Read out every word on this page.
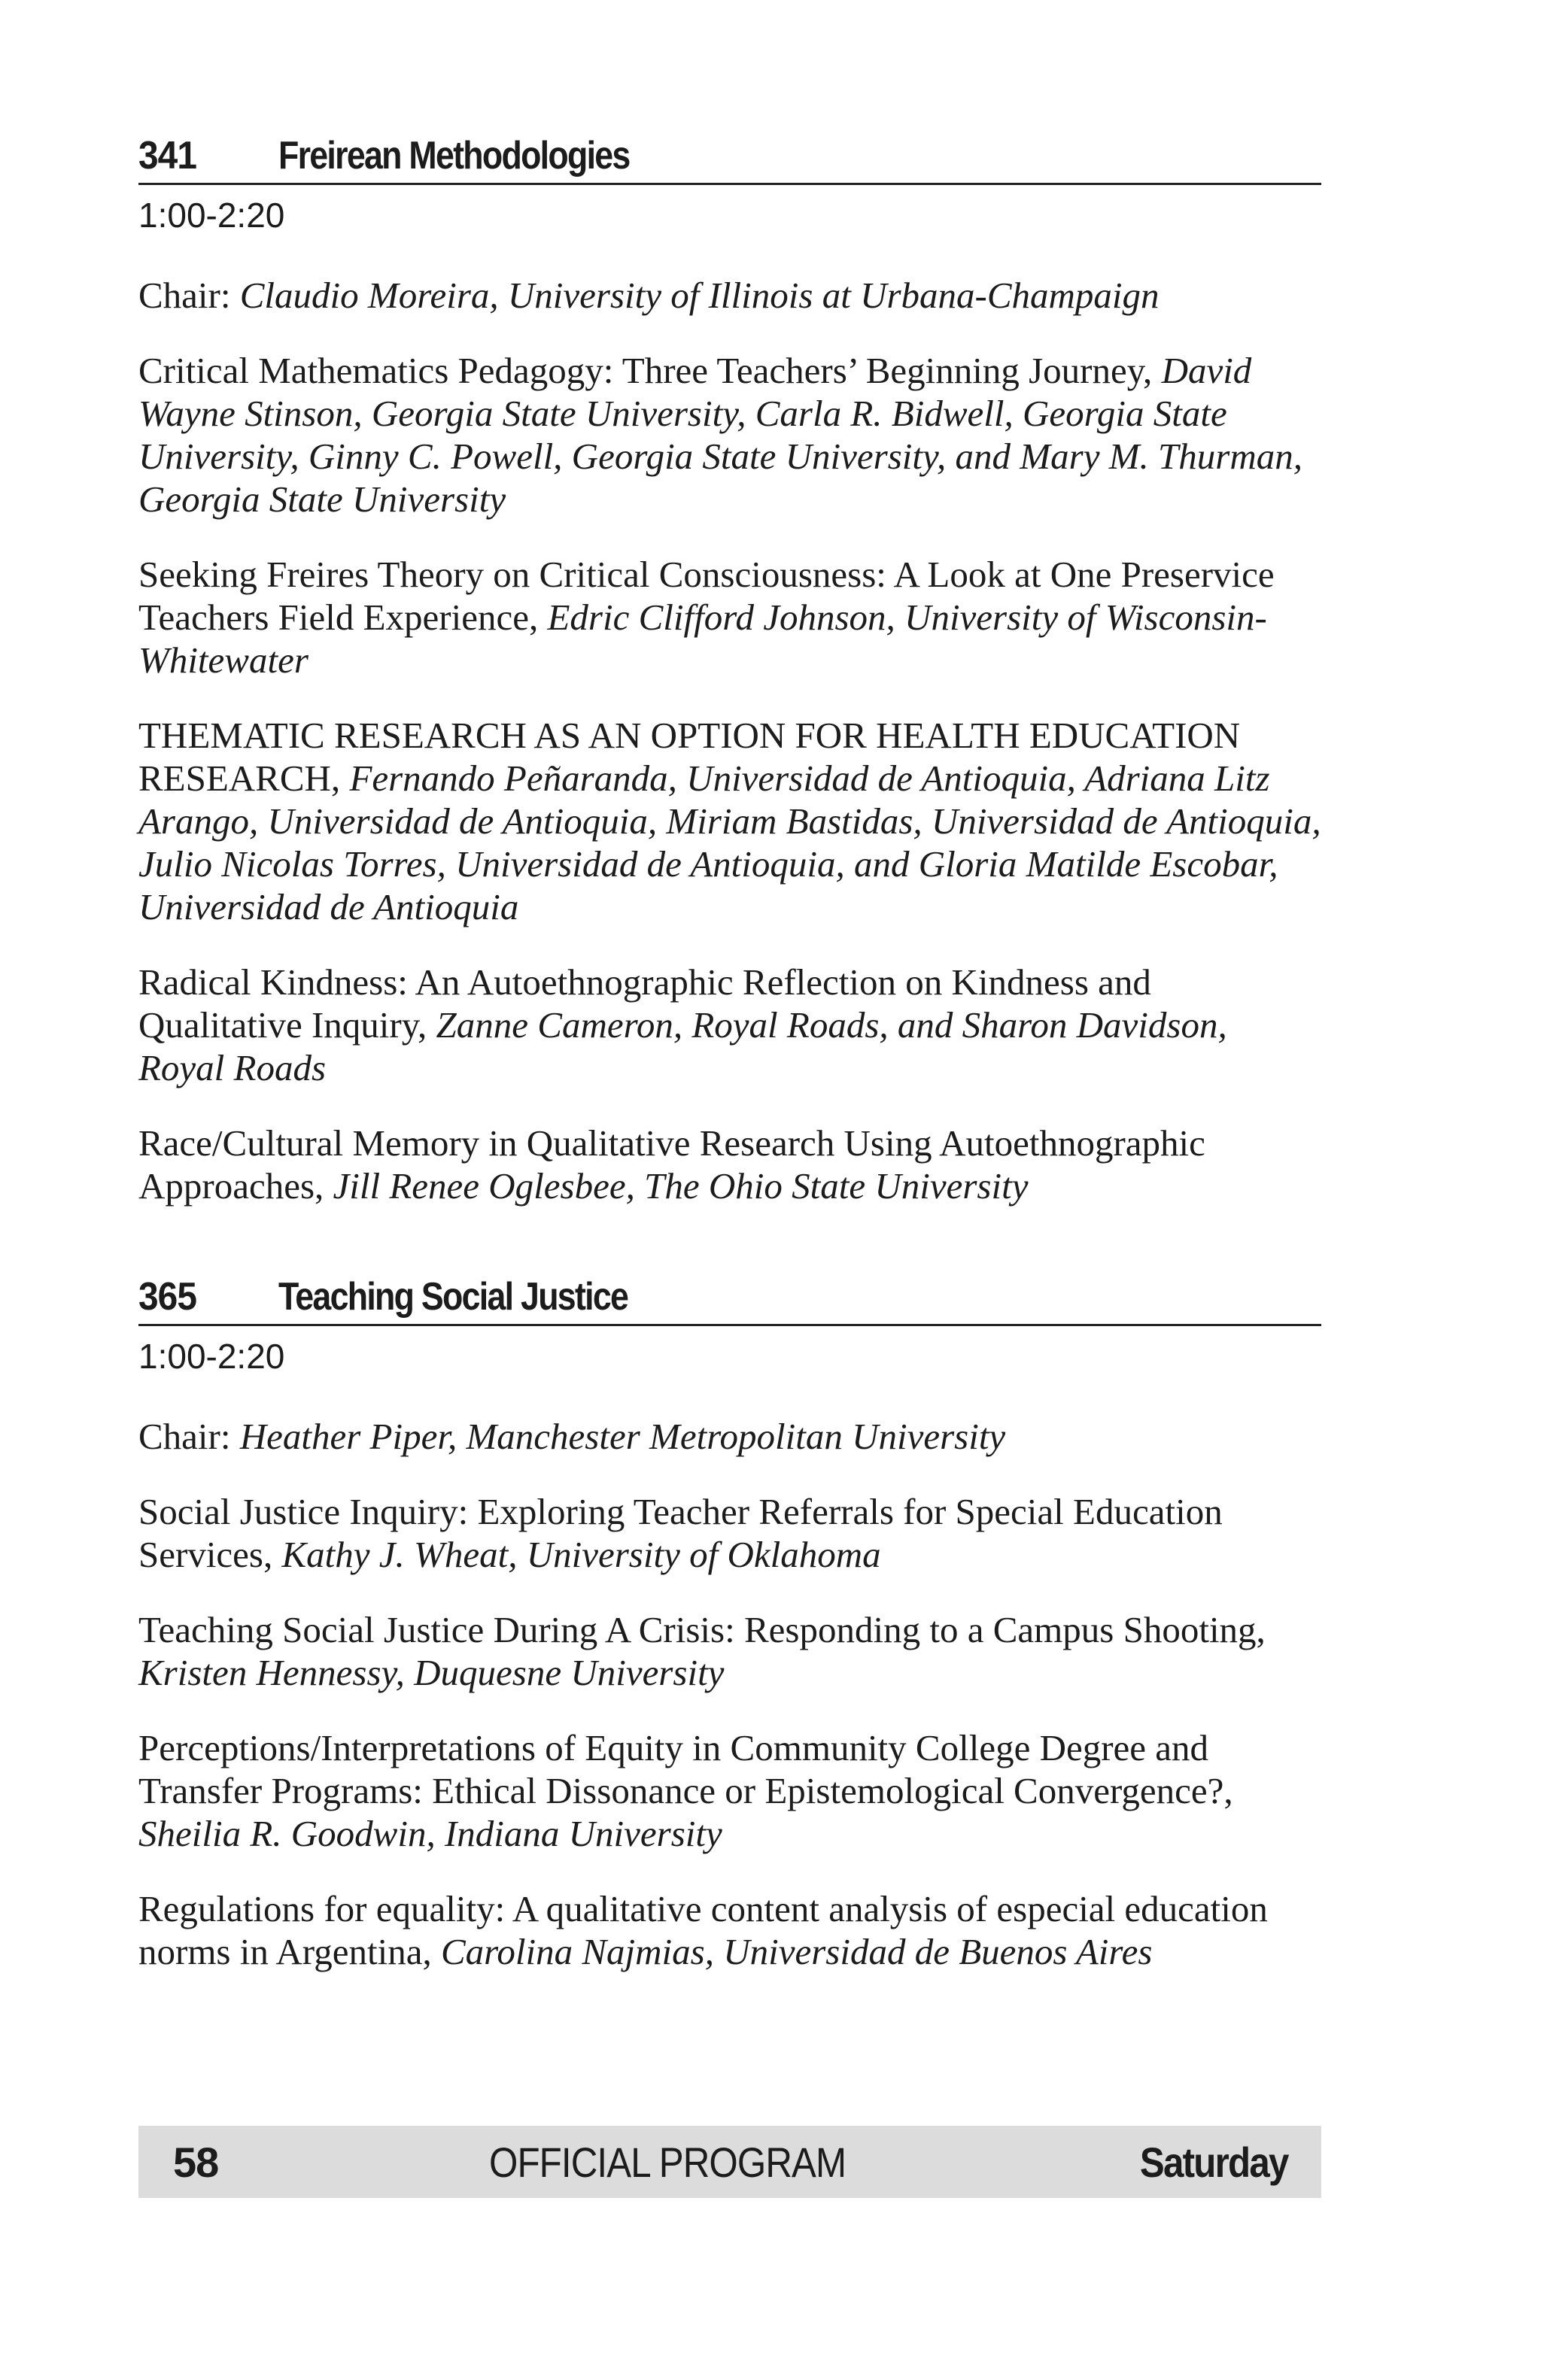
341	Freirean Methodologies
1:00-2:20
Chair: Claudio Moreira, University of Illinois at Urbana-Champaign
Critical Mathematics Pedagogy: Three Teachers’ Beginning Journey, David Wayne Stinson, Georgia State University, Carla R. Bidwell, Georgia State University, Ginny C. Powell, Georgia State University, and Mary M. Thurman, Georgia State University
Seeking Freires Theory on Critical Consciousness: A Look at One Preservice Teachers Field Experience, Edric Clifford Johnson, University of Wisconsin-Whitewater
THEMATIC RESEARCH AS AN OPTION FOR HEALTH EDUCATION RESEARCH, Fernando Peñaranda, Universidad de Antioquia, Adriana Litz Arango, Universidad de Antioquia, Miriam Bastidas, Universidad de Antioquia, Julio Nicolas Torres, Universidad de Antioquia, and Gloria Matilde Escobar, Universidad de Antioquia
Radical Kindness: An Autoethnographic Reflection on Kindness and Qualitative Inquiry, Zanne Cameron, Royal Roads, and Sharon Davidson, Royal Roads
Race/Cultural Memory in Qualitative Research Using Autoethnographic Approaches, Jill Renee Oglesbee, The Ohio State University
365	Teaching Social Justice
1:00-2:20
Chair: Heather Piper, Manchester Metropolitan University
Social Justice Inquiry: Exploring Teacher Referrals for Special Education Services, Kathy J. Wheat, University of Oklahoma
Teaching Social Justice During A Crisis: Responding to a Campus Shooting, Kristen Hennessy, Duquesne University
Perceptions/Interpretations of Equity in Community College Degree and Transfer Programs: Ethical Dissonance or Epistemological Convergence?, Sheilia R. Goodwin, Indiana University
Regulations for equality: A qualitative content analysis of especial education norms in Argentina, Carolina Najmias, Universidad de Buenos Aires
58	OFFICIAL PROGRAM	Saturday
